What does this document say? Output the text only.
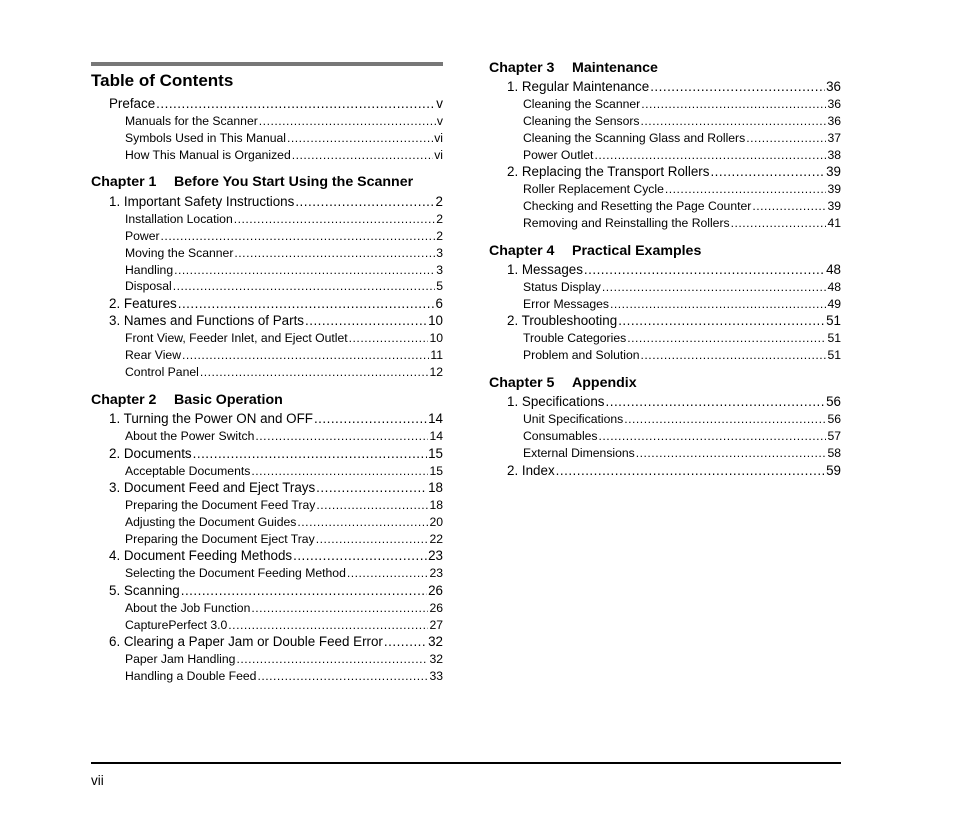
Table of Contents
Preface .....	v
Manuals for the Scanner .....	v
Symbols Used in This Manual .....	vi
How This Manual is Organized .....	vi
Chapter 1 Before You Start Using the Scanner
1. Important Safety Instructions .....	2
Installation Location .....	2
Power .....	2
Moving the Scanner .....	3
Handling .....	3
Disposal .....	5
2. Features .....	6
3. Names and Functions of Parts .....	10
Front View, Feeder Inlet, and Eject Outlet .....	10
Rear View .....	11
Control Panel .....	12
Chapter 2 Basic Operation
1. Turning the Power ON and OFF .....	14
About the Power Switch .....	14
2. Documents .....	15
Acceptable Documents .....	15
3. Document Feed and Eject Trays .....	18
Preparing the Document Feed Tray .....	18
Adjusting the Document Guides .....	20
Preparing the Document Eject Tray .....	22
4. Document Feeding Methods .....	23
Selecting the Document Feeding Method .....	23
5. Scanning .....	26
About the Job Function .....	26
CapturePerfect 3.0 .....	27
6. Clearing a Paper Jam or Double Feed Error .....	32
Paper Jam Handling .....	32
Handling a Double Feed .....	33
Chapter 3 Maintenance
1. Regular Maintenance .....	36
Cleaning the Scanner .....	36
Cleaning the Sensors .....	36
Cleaning the Scanning Glass and Rollers .....	37
Power Outlet .....	38
2. Replacing the Transport Rollers .....	39
Roller Replacement Cycle .....	39
Checking and Resetting the Page Counter .....	39
Removing and Reinstalling the Rollers .....	41
Chapter 4 Practical Examples
1. Messages .....	48
Status Display .....	48
Error Messages .....	49
2. Troubleshooting .....	51
Trouble Categories .....	51
Problem and Solution .....	51
Chapter 5 Appendix
1. Specifications .....	56
Unit Specifications .....	56
Consumables .....	57
External Dimensions .....	58
2. Index .....	59
vii
